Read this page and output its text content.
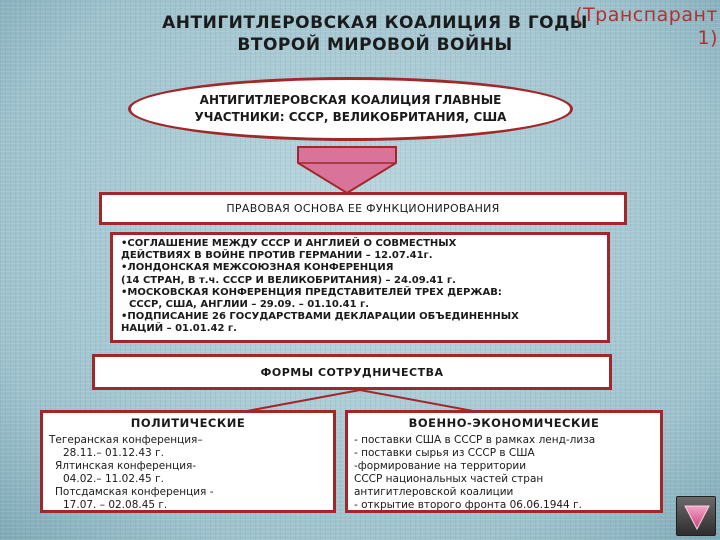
АНТИГИТЛЕРОВСКАЯ КОАЛИЦИЯ В ГОДЫ
ВТОРОЙ МИРОВОЙ ВОЙНЫ
(Транспарант
1)
АНТИГИТЛЕРОВСКАЯ КОАЛИЦИЯ ГЛАВНЫЕ
УЧАСТНИКИ: СССР, ВЕЛИКОБРИТАНИЯ, США
ПРАВОВАЯ ОСНОВА ЕЕ ФУНКЦИОНИРОВАНИЯ
•СОГЛАШЕНИЕ МЕЖДУ СССР И АНГЛИЕЙ О СОВМЕСТНЫХ
ДЕЙСТВИЯХ В ВОЙНЕ ПРОТИВ ГЕРМАНИИ – 12.07.41г.
•ЛОНДОНСКАЯ МЕЖСОЮЗНАЯ КОНФЕРЕНЦИЯ
(14 СТРАН, В т.ч. СССР И ВЕЛИКОБРИТАНИЯ) – 24.09.41 г.
•МОСКОВСКАЯ КОНФЕРЕНЦИЯ ПРЕДСТАВИТЕЛЕЙ ТРЕХ ДЕРЖАВ:
СССР, США, АНГЛИИ – 29.09. – 01.10.41 г.
•ПОДПИСАНИЕ 26 ГОСУДАРСТВАМИ ДЕКЛАРАЦИИ ОБЪЕДИНЕННЫХ
НАЦИЙ – 01.01.42 г.
ФОРМЫ СОТРУДНИЧЕСТВА
ПОЛИТИЧЕСКИЕ
Тегеранская конференция–
28.11.– 01.12.43 г.
Ялтинская конференция-
04.02.– 11.02.45 г.
Потсдамская конференция -
17.07. – 02.08.45 г.
ВОЕННО-ЭКОНОМИЧЕСКИЕ
- поставки США в СССР в рамках ленд-лиза
- поставки сырья из СССР в США
-формирование на территории
СССР национальных частей стран
антигитлеровской коалиции
- открытие второго фронта 06.06.1944 г.
